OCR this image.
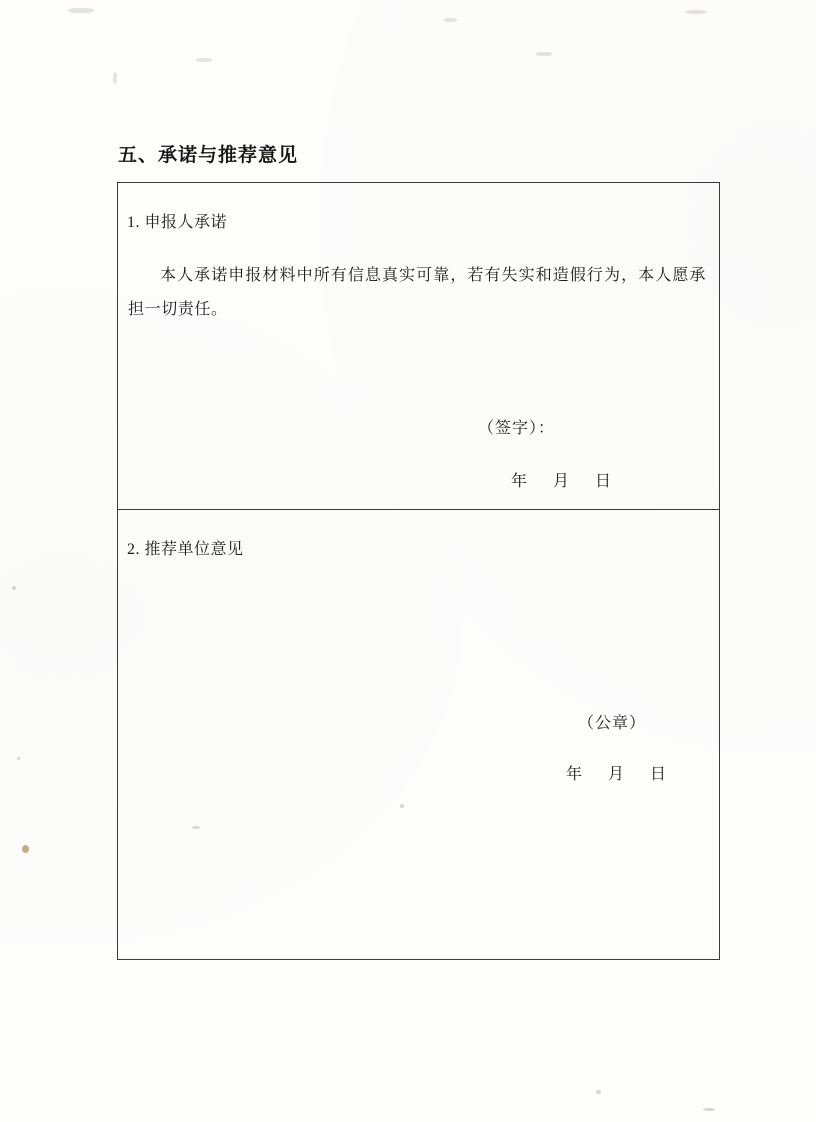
五、承诺与推荐意见
1. 申报人承诺
本人承诺申报材料中所有信息真实可靠，若有失实和造假行为，本人愿承担一切责任。
（签字）：
年 月 日
2. 推荐单位意见
（公章）
年 月 日
